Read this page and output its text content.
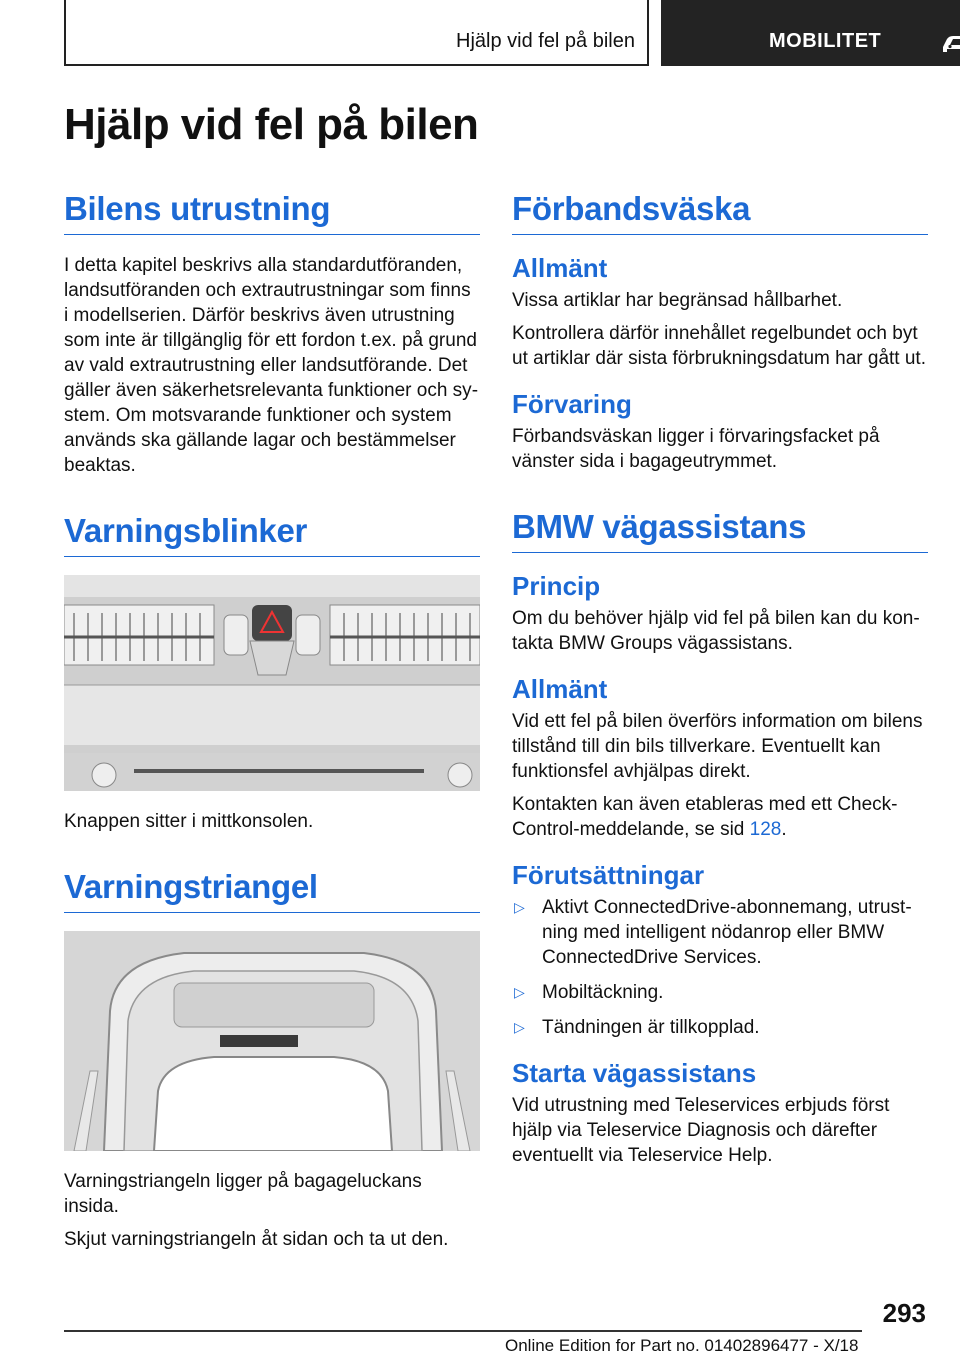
Hjälp vid fel på bilen	MOBILITET
Hjälp vid fel på bilen
Bilens utrustning

I detta kapitel beskrivs alla standardutföranden, landsutföranden och extrautrustningar som finns i modellserien. Därför beskrivs även utrustning som inte är tillgänglig för ett fordon t.ex. på grund av vald extrautrustning eller landsutförande. Det gäller även säkerhetsrelevanta funktioner och system. Om motsvarande funktioner och system används ska gällande lagar och bestämmelser beaktas.

Varningsblinker

Knappen sitter i mittkonsolen.

Varningstriangel

Varningstriangeln ligger på bagageluckans insida.

Skjut varningstriangeln åt sidan och ta ut den.

Förbandsväska
Allmänt

Vissa artiklar har begränsad hållbarhet.

Kontrollera därför innehållet regelbundet och byt ut artiklar där sista förbrukningsdatum har gått ut.

Förvaring

Förbandsväskan ligger i förvaringsfacket på vänster sida i bagageutrymmet.

BMW vägassistans
Princip

Om du behöver hjälp vid fel på bilen kan du kontakta BMW Groups vägassistans.

Allmänt

Vid ett fel på bilen överförs information om bilens tillstånd till din bils tillverkare. Eventuellt kan funktionsfel avhjälpas direkt.

Kontakten kan även etableras med ett Check-Control-meddelande, se sid 128.

Förutsättningar
▷ Aktivt ConnectedDrive-abonnemang, utrustning med intelligent nödanrop eller BMW ConnectedDrive Services.
▷ Mobiltäckning.
▷ Tändningen är tillkopplad.
Starta vägassistans

Vid utrustning med Teleservices erbjuds först hjälp via Teleservice Diagnosis och därefter eventuellt via Teleservice Help.

293
Online Edition for Part no. 01402896477 - X/18
